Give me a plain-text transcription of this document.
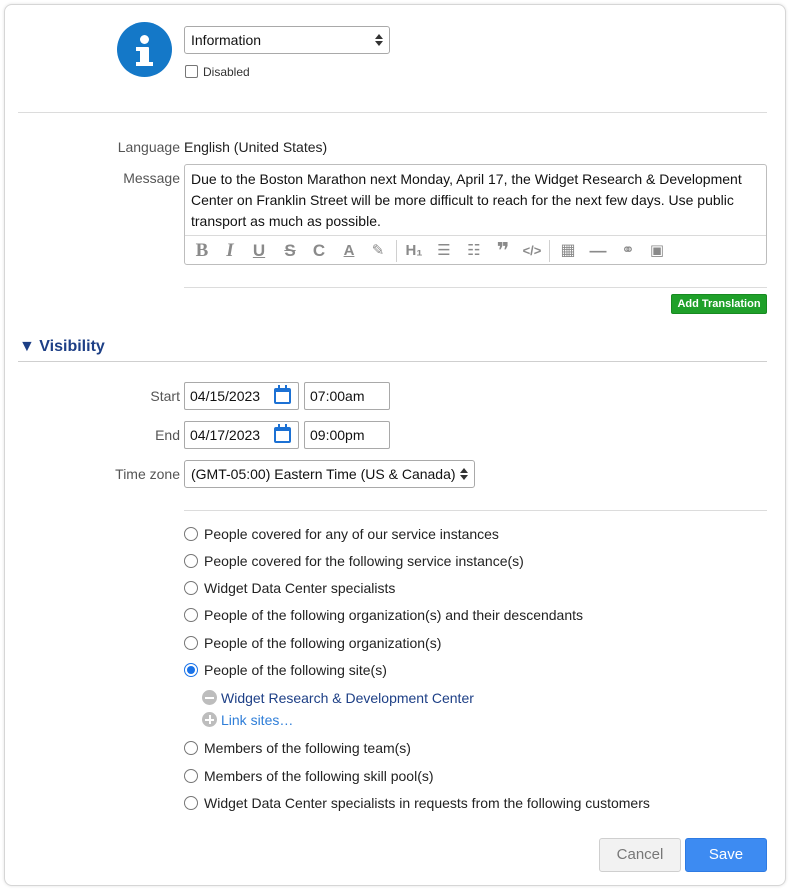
Information
Disabled
Language English (United States)
Message Due to the Boston Marathon next Monday, April 17, the Widget Research & Development Center on Franklin Street will be more difficult to reach for the next few days. Use public transport as much as possible.
B I	U	S	C	A	✎	H₁ ☰ ☷ ❞	</> ▦ — ⚭ ▣
Add Translation
▼ Visibility
Start 04/15/2023	07:00am
End 04/17/2023	09:00pm
Time zone (GMT-05:00) Eastern Time (US & Canada)
People covered for any of our service instances
People covered for the following service instance(s)
Widget Data Center specialists
People of the following organization(s) and their descendants
People of the following organization(s)
People of the following site(s)
Widget Research & Development Center
Link sites…
Members of the following team(s)
Members of the following skill pool(s)
Widget Data Center specialists in requests from the following customers
Cancel	Save
